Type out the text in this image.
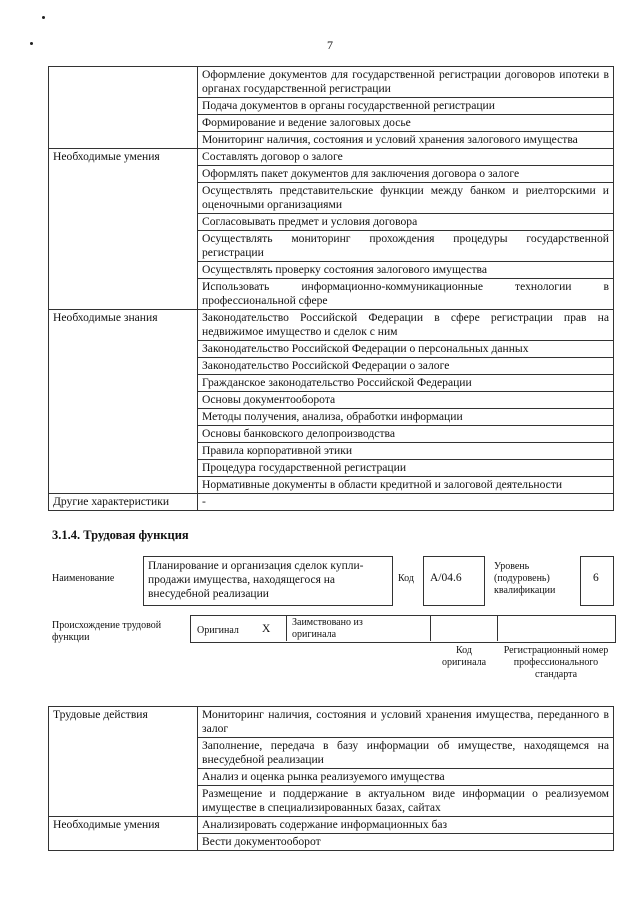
7
	Оформление документов для государственной регистрации договоров ипотеки в органах государственной регистрации
	Подача документов в органы государственной регистрации
	Формирование и ведение залоговых досье
	Мониторинг наличия, состояния и условий хранения залогового имущества
Необходимые умения	Составлять договор о залоге
	Оформлять пакет документов для заключения договора о залоге
	Осуществлять представительские функции между банком и риелторскими и оценочными организациями
	Согласовывать предмет и условия договора
	Осуществлять мониторинг прохождения процедуры государственной регистрации
	Осуществлять проверку состояния залогового имущества
	Использовать информационно-коммуникационные технологии в профессиональной сфере
Необходимые знания	Законодательство Российской Федерации в сфере регистрации прав на недвижимое имущество и сделок с ним
	Законодательство Российской Федерации о персональных данных
	Законодательство Российской Федерации о залоге
	Гражданское законодательство Российской Федерации
	Основы документооборота
	Методы получения, анализа, обработки информации
	Основы банковского делопроизводства
	Правила корпоративной этики
	Процедура государственной регистрации
	Нормативные документы в области кредитной и залоговой деятельности
Другие характеристики	-
3.1.4. Трудовая функция
Наименование
Планирование и организация сделок купли-продажи имущества, находящегося на внесудебной реализации
Код A/04.6
Уровень (подуровень) квалификации
6
Происхождение трудовой функции
Оригинал X
Заимствовано из оригинала
Код оригинала
Регистрационный номер профессионального стандарта
Трудовые действия	Мониторинг наличия, состояния и условий хранения имущества, переданного в залог
	Заполнение, передача в базу информации об имуществе, находящемся на внесудебной реализации
	Анализ и оценка рынка реализуемого имущества
	Размещение и поддержание в актуальном виде информации о реализуемом имуществе в специализированных базах, сайтах
Необходимые умения	Анализировать содержание информационных баз
	Вести документооборот
